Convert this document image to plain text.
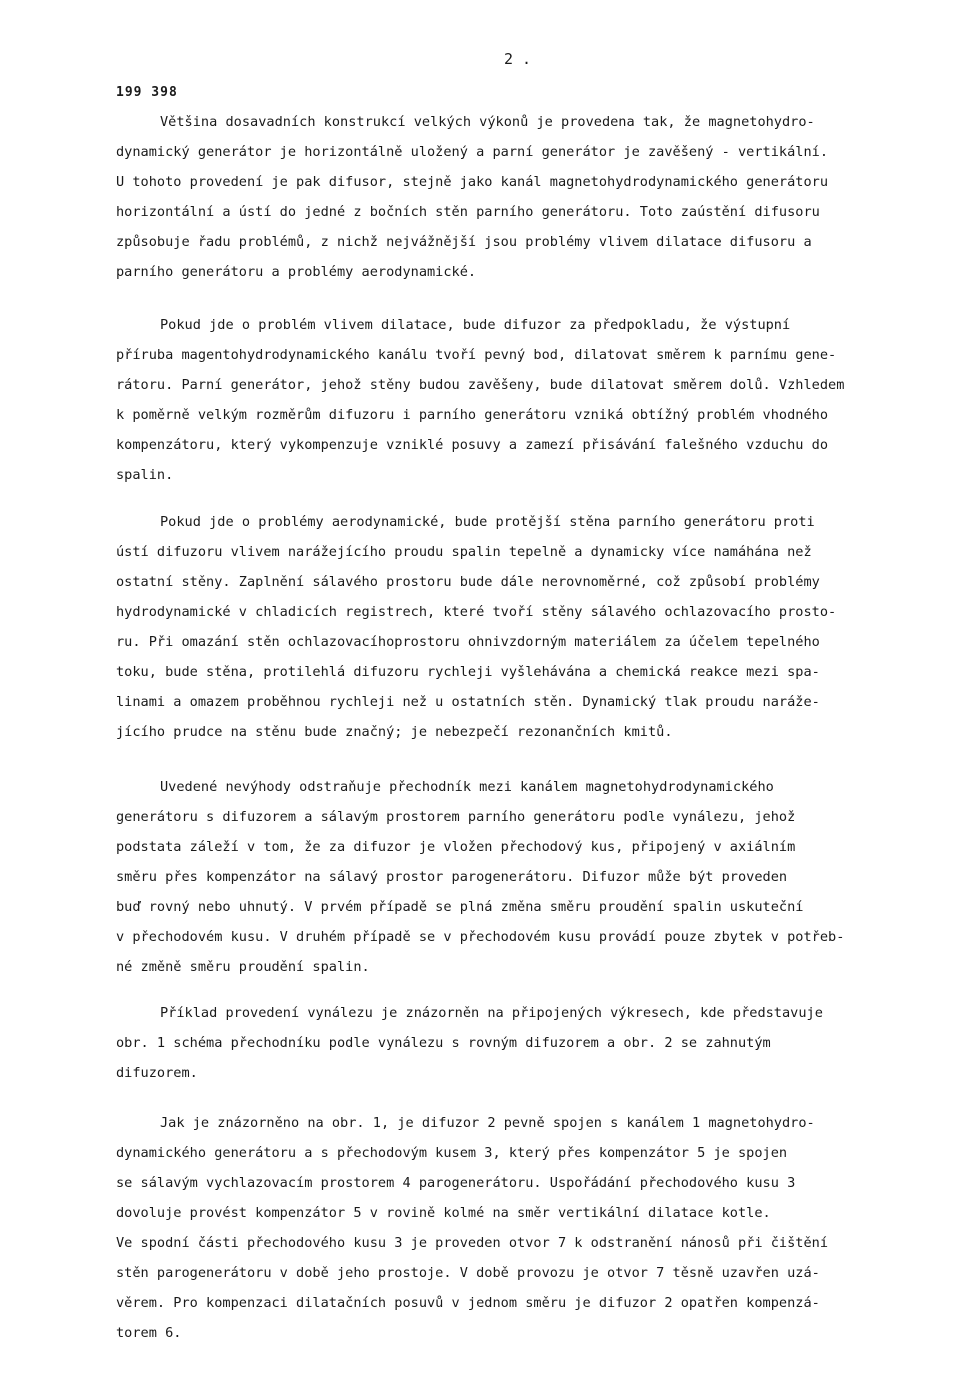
2 .
199 398
Většina dosavadních konstrukcí velkých výkonů je provedena tak, že magnetohydro-
dynamický generátor je horizontálně uložený a parní generátor je zavěšený - vertikální.
U tohoto provedení je pak difusor, stejně jako kanál magnetohydrodynamického generátoru
horizontální a ústí do jedné z bočních stěn parního generátoru. Toto zaústění difusoru
způsobuje řadu problémů, z nichž nejvážnější jsou problémy vlivem dilatace difusoru a
parního generátoru a problémy aerodynamické.
Pokud jde o problém vlivem dilatace, bude difuzor za předpokladu, že výstupní
příruba magentohydrodynamického kanálu tvoří pevný bod, dilatovat směrem k parnímu gene-
rátoru. Parní generátor, jehož stěny budou zavěšeny, bude dilatovat směrem dolů. Vzhledem
k poměrně velkým rozměrům difuzoru i parního generátoru vzniká obtížný problém vhodného
kompenzátoru, který vykompenzuje vzniklé posuvy a zamezí přisávání falešného vzduchu do
spalin.
Pokud jde o problémy aerodynamické, bude protější stěna parního generátoru proti
ústí difuzoru vlivem narážejícího proudu spalin tepelně a dynamicky více namáhána než
ostatní stěny. Zaplnění sálavého prostoru bude dále nerovnoměrné, což způsobí problémy
hydrodynamické v chladicích registrech, které tvoří stěny sálavého ochlazovacího prosto-
ru. Při omazání stěn ochlazovacíhoprostoru ohnivzdorným materiálem za účelem tepelného
toku, bude stěna, protilehlá difuzoru rychleji vyšlehávána a chemická reakce mezi spa-
linami a omazem proběhnou rychleji než u ostatních stěn. Dynamický tlak proudu naráže-
jícího prudce na stěnu bude značný; je nebezpečí rezonančních kmitů.
Uvedené nevýhody odstraňuje přechodník mezi kanálem magnetohydrodynamického
generátoru s difuzorem a sálavým prostorem parního generátoru podle vynálezu, jehož
podstata záleží v tom, že za difuzor je vložen přechodový kus, připojený v axiálním
směru přes kompenzátor na sálavý prostor parogenerátoru. Difuzor může být proveden
buď rovný nebo uhnutý. V prvém případě se plná změna směru proudění spalin uskuteční
v přechodovém kusu. V druhém případě se v přechodovém kusu provádí pouze zbytek v potřeb-
né změně směru proudění spalin.
Příklad provedení vynálezu je znázorněn na připojených výkresech, kde představuje
obr. 1 schéma přechodníku podle vynálezu s rovným difuzorem a obr. 2 se zahnutým
difuzorem.
Jak je znázorněno na obr. 1, je difuzor 2 pevně spojen s kanálem 1 magnetohydro-
dynamického generátoru a s přechodovým kusem 3, který přes kompenzátor 5 je spojen
se sálavým vychlazovacím prostorem 4 parogenerátoru. Uspořádání přechodového kusu 3
dovoluje provést kompenzátor 5 v rovině kolmé na směr vertikální dilatace kotle.
Ve spodní části přechodového kusu 3 je proveden otvor 7 k odstranění nánosů při čištění
stěn parogenerátoru v době jeho prostoje. V době provozu je otvor 7 těsně uzavřen uzá-
věrem. Pro kompenzaci dilatačních posuvů v jednom směru je difuzor 2 opatřen kompenzá-
torem 6.
